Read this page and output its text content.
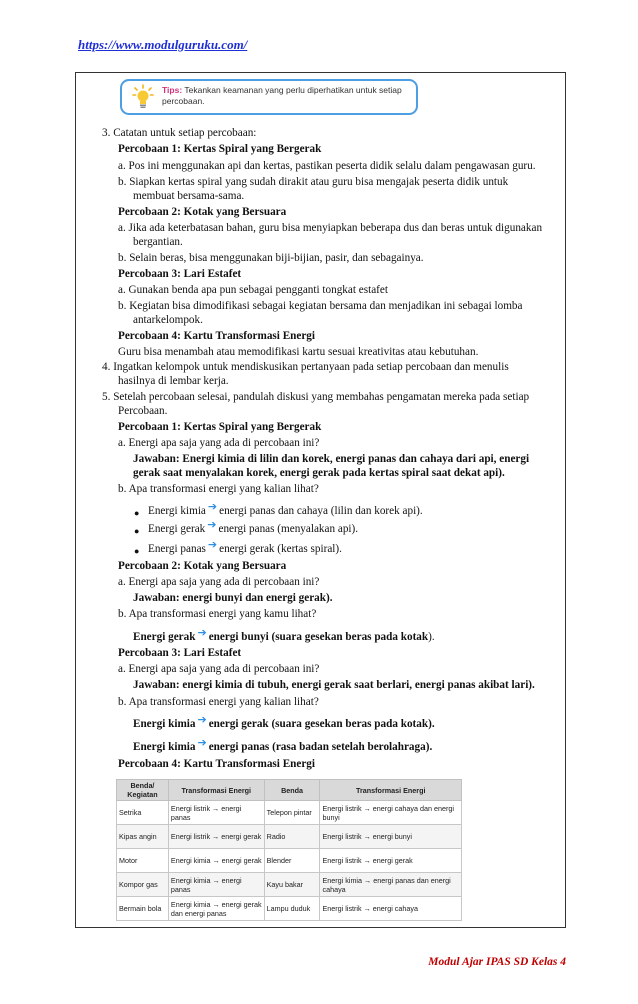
https://www.modulguruku.com/
Tips: Tekankan keamanan yang perlu diperhatikan untuk setiap percobaan.
3. Catatan untuk setiap percobaan:
Percobaan 1: Kertas Spiral yang Bergerak
a. Pos ini menggunakan api dan kertas, pastikan peserta didik selalu dalam pengawasan guru.
b. Siapkan kertas spiral yang sudah dirakit atau guru bisa mengajak peserta didik untuk
membuat bersama-sama.
Percobaan 2: Kotak yang Bersuara
a. Jika ada keterbatasan bahan, guru bisa menyiapkan beberapa dus dan beras untuk digunakan
bergantian.
b. Selain beras, bisa menggunakan biji-bijian, pasir, dan sebagainya.
Percobaan 3: Lari Estafet
a. Gunakan benda apa pun sebagai pengganti tongkat estafet
b. Kegiatan bisa dimodifikasi sebagai kegiatan bersama dan menjadikan ini sebagai lomba
antarkelompok.
Percobaan 4: Kartu Transformasi Energi
Guru bisa menambah atau memodifikasi kartu sesuai kreativitas atau kebutuhan.
4. Ingatkan kelompok untuk mendiskusikan pertanyaan pada setiap percobaan dan menulis
hasilnya di lembar kerja.
5. Setelah percobaan selesai, pandulah diskusi yang membahas pengamatan mereka pada setiap
Percobaan.
Percobaan 1: Kertas Spiral yang Bergerak
a. Energi apa saja yang ada di percobaan ini?
Jawaban: Energi kimia di lilin dan korek, energi panas dan cahaya dari api, energi
gerak saat menyalakan korek, energi gerak pada kertas spiral saat dekat api).
b. Apa transformasi energi yang kalian lihat?
● Energi kimia ➔ energi panas dan cahaya (lilin dan korek api).
● Energi gerak ➔ energi panas (menyalakan api).
● Energi panas ➔ energi gerak (kertas spiral).
Percobaan 2: Kotak yang Bersuara
a. Energi apa saja yang ada di percobaan ini?
Jawaban: energi bunyi dan energi gerak).
b. Apa transformasi energi yang kamu lihat?
Energi gerak ➔ energi bunyi (suara gesekan beras pada kotak).
Percobaan 3: Lari Estafet
a. Energi apa saja yang ada di percobaan ini?
Jawaban: energi kimia di tubuh, energi gerak saat berlari, energi panas akibat lari).
b. Apa transformasi energi yang kalian lihat?
Energi kimia ➔ energi gerak (suara gesekan beras pada kotak).
Energi kimia ➔ energi panas (rasa badan setelah berolahraga).
Percobaan 4: Kartu Transformasi Energi
Benda/ Kegiatan	Transformasi Energi	Benda	Transformasi Energi
Setrika	Energi listrik → energi panas	Telepon pintar	Energi listrik → energi cahaya dan energi bunyi
Kipas angin	Energi listrik → energi gerak	Radio	Energi listrik → energi bunyi
Motor	Energi kimia → energi gerak	Blender	Energi listrik → energi gerak
Kompor gas	Energi kimia → energi panas	Kayu bakar	Energi kimia → energi panas dan energi cahaya
Bermain bola	Energi kimia → energi gerak dan energi panas	Lampu duduk	Energi listrik → energi cahaya
Modul Ajar IPAS SD Kelas 4
